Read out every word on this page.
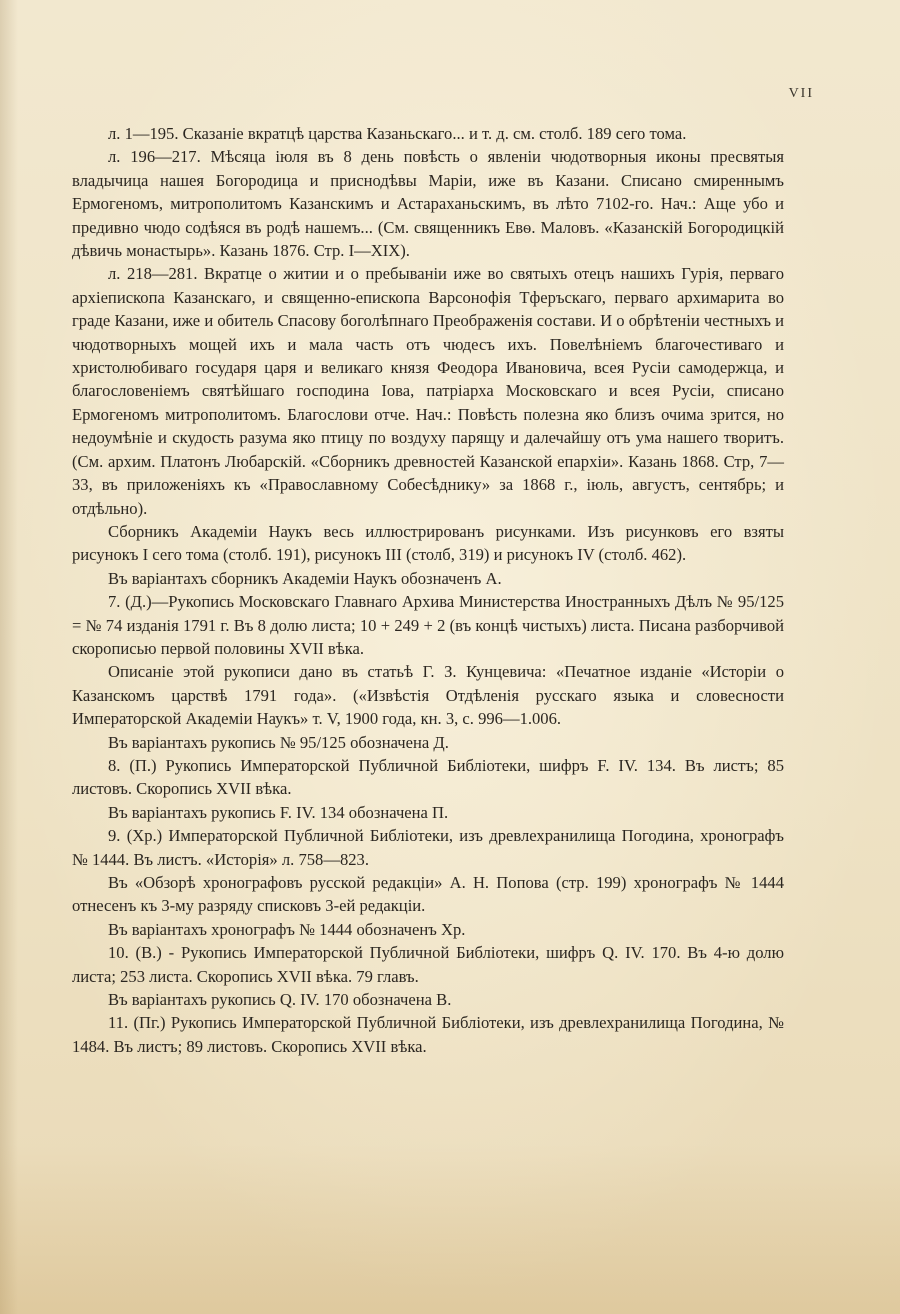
VII

л. 1—195. Сказаніе вкратцѣ царства Казаньскаго... и т. д. см. столб. 189 сего тома.

л. 196—217. Мѣсяца іюля въ 8 день повѣсть о явленіи чюдотворныя иконы пресвятыя владычица нашея Богородица и приснодѣвы Маріи, иже въ Казани. Списано смиреннымъ Ермогеномъ, митрополитомъ Казанскимъ и Астараханьскимъ, въ лѣто 7102-го. Нач.: Аще убо и предивно чюдо содѣяся въ родѣ нашемъ... (См. священникъ Евѳ. Маловъ. «Казанскій Богородицкій дѣвичь монастырь». Казань 1876. Стр. I—XIX).

л. 218—281. Вкратце о житии и о пребываніи иже во святыхъ отецъ нашихъ Гурія, перваго архіепископа Казанскаго, и священно-епископа Варсонофія Тферъскаго, перваго архимарита во граде Казани, иже и обитель Спасову боголѣпнаго Преображенія состави. И о обрѣтеніи честныхъ и чюдотворныхъ мощей ихъ и мала часть отъ чюдесъ ихъ. Повелѣніемъ благочестиваго и христолюбиваго государя царя и великаго князя Феодора Ивановича, всея Русіи самодержца, и благословеніемъ святѣйшаго господина Іова, патріарха Московскаго и всея Русіи, списано Ермогеномъ митрополитомъ. Благослови отче. Нач.: Повѣсть полезна яко близъ очима зрится, но недоумѣніе и скудость разума яко птицу по воздуху парящу и далечайшу отъ ума нашего творитъ. (См. архим. Платонъ Любарскій. «Сборникъ древностей Казанской епархіи». Казань 1868. Стр, 7—33, въ приложеніяхъ къ «Православному Собесѣднику» за 1868 г., іюль, августъ, сентябрь; и отдѣльно).

Сборникъ Академіи Наукъ весь иллюстрированъ рисунками. Изъ рисунковъ его взяты рисунокъ I сего тома (столб. 191), рисунокъ III (столб, 319) и рисунокъ IV (столб. 462).

Въ варіантахъ сборникъ Академіи Наукъ обозначенъ А.

7. (Д.)—Рукопись Московскаго Главнаго Архива Министерства Иностранныхъ Дѣлъ № 95/125 = № 74 изданія 1791 г. Въ 8 долю листа; 10 + 249 + 2 (въ концѣ чистыхъ) листа. Писана разборчивой скорописью первой половины XVII вѣка.

Описаніе этой рукописи дано въ статьѣ Г. З. Кунцевича: «Печатное изданіе «Исторіи о Казанскомъ царствѣ 1791 года». («Извѣстія Отдѣленія русскаго языка и словесности Императорской Академіи Наукъ» т. V, 1900 года, кн. 3, с. 996—1.006.

Въ варіантахъ рукопись № 95/125 обозначена Д.

8. (П.) Рукопись Императорской Публичной Библіотеки, шифръ F. IV. 134. Въ листъ; 85 листовъ. Скоропись XVII вѣка.

Въ варіантахъ рукопись F. IV. 134 обозначена П.

9. (Хр.) Императорской Публичной Библіотеки, изъ древлехранилища Погодина, хронографъ № 1444. Въ листъ. «Исторія» л. 758—823.

Въ «Обзорѣ хронографовъ русской редакціи» А. Н. Попова (стр. 199) хронографъ № 1444 отнесенъ къ 3-му разряду списковъ 3-ей редакціи.

Въ варіантахъ хронографъ № 1444 обозначенъ Хр.

10. (В.) - Рукопись Императорской Публичной Библіотеки, шифръ Q. IV. 170. Въ 4-ю долю листа; 253 листа. Скоропись XVII вѣка. 79 главъ.

Въ варіантахъ рукопись Q. IV. 170 обозначена В.

11. (Пг.) Рукопись Императорской Публичной Библіотеки, изъ древлехранилища Погодина, № 1484. Въ листъ; 89 листовъ. Скоропись XVII вѣка.
